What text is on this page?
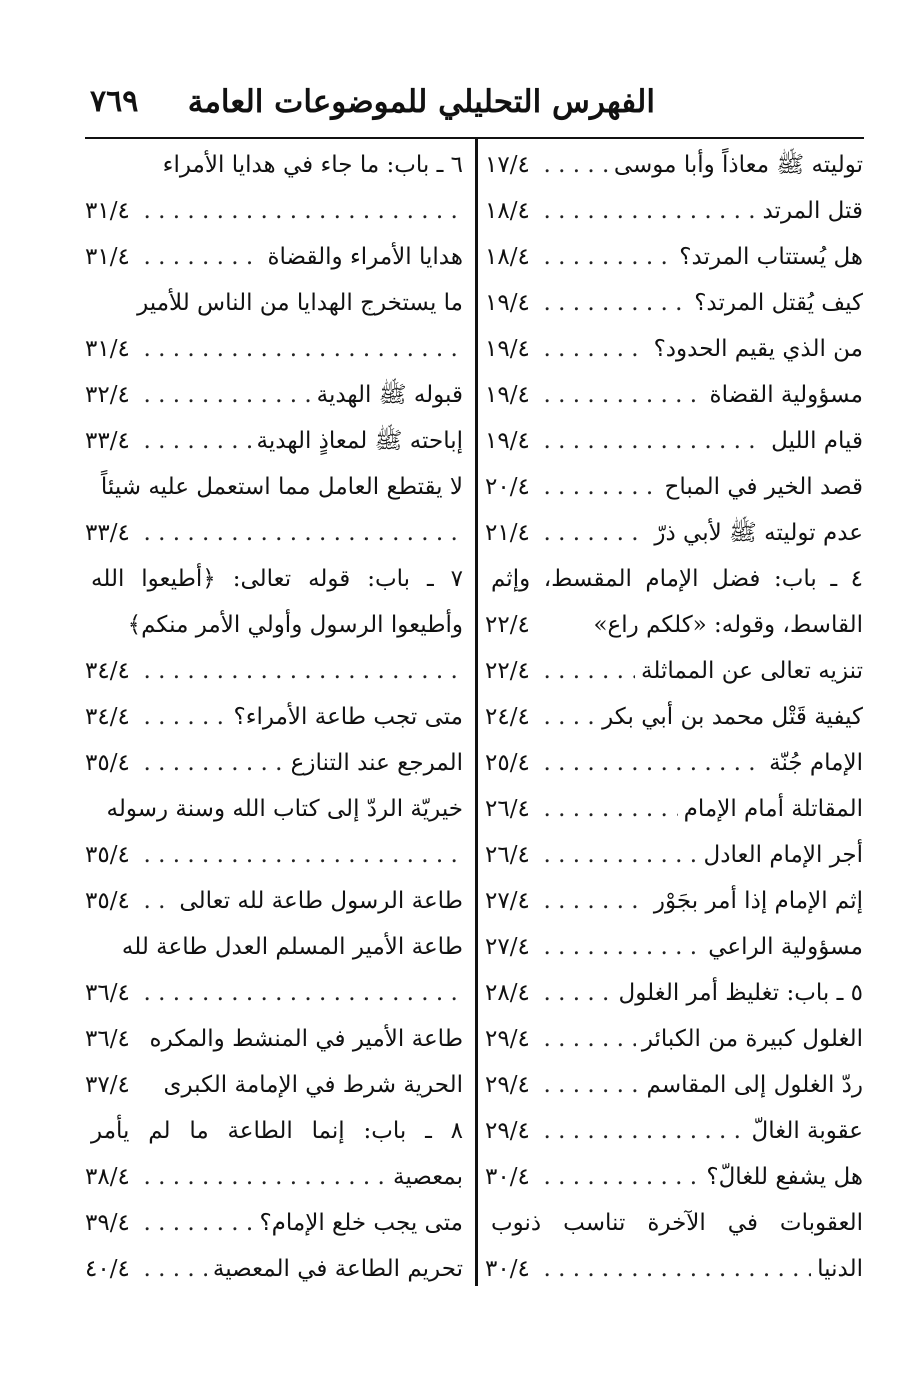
الفهرس التحليلي للموضوعات العامة
٧٦٩
. . . توليته ﷺ معاذاً وأبا موسى
١٧/٤
. . . قتل المرتد
١٨/٤
. . . هل يُستتاب المرتد؟
١٨/٤
. . . كيف يُقتل المرتد؟
١٩/٤
. . . من الذي يقيم الحدود؟
١٩/٤
. . . مسؤولية القضاة
١٩/٤
. . . قيام الليل
١٩/٤
. . . قصد الخير في المباح
٢٠/٤
. . . عدم توليته ﷺ لأبي ذرّ
٢١/٤
٤ ـ باب: فضل الإمام المقسط، وإثم
القاسط، وقوله: «كلكم راع»
٢٢/٤
. . . تنزيه تعالى عن المماثلة
٢٢/٤
. . . كيفية قَتْل محمد بن أبي بكر
٢٤/٤
. . . الإمام جُنّة
٢٥/٤
. . . المقاتلة أمام الإمام
٢٦/٤
. . . أجر الإمام العادل
٢٦/٤
. . . إثم الإمام إذا أمر بجَوْر
٢٧/٤
. . . مسؤولية الراعي
٢٧/٤
. . . ٥ ـ باب: تغليظ أمر الغلول
٢٨/٤
. . . الغلول كبيرة من الكبائر
٢٩/٤
. . . ردّ الغلول إلى المقاسم
٢٩/٤
. . . عقوبة الغالّ
٢٩/٤
. . . هل يشفع للغالّ؟
٣٠/٤
العقوبات في الآخرة تناسب ذنوب
. . . الدنيا
٣٠/٤
٦ ـ باب: ما جاء في هدايا الأمراء
. . . ٣١/٤
. . . هدايا الأمراء والقضاة
٣١/٤
ما يستخرج الهدايا من الناس للأمير
. . . ٣١/٤
. . . قبوله ﷺ الهدية
٣٢/٤
. . . إباحته ﷺ لمعاذٍ الهدية
٣٣/٤
لا يقتطع العامل مما استعمل عليه شيئاً
. . . ٣٣/٤
٧ ـ باب: قوله تعالى: ﴿أطيعوا الله
وأطيعوا الرسول وأولي الأمر منكم﴾
. . . ٣٤/٤
. . . متى تجب طاعة الأمراء؟
٣٤/٤
. . . المرجع عند التنازع
٣٥/٤
خيريّة الردّ إلى كتاب الله وسنة رسوله
. . . ٣٥/٤
. . . طاعة الرسول طاعة لله تعالى
٣٥/٤
طاعة الأمير المسلم العدل طاعة لله
. . . ٣٦/٤
طاعة الأمير في المنشط والمكره
٣٦/٤
الحرية شرط في الإمامة الكبرى
٣٧/٤
٨ ـ باب: إنما الطاعة ما لم يأمر
. . . بمعصية
٣٨/٤
. . . متى يجب خلع الإمام؟
٣٩/٤
. . . تحريم الطاعة في المعصية
٤٠/٤
